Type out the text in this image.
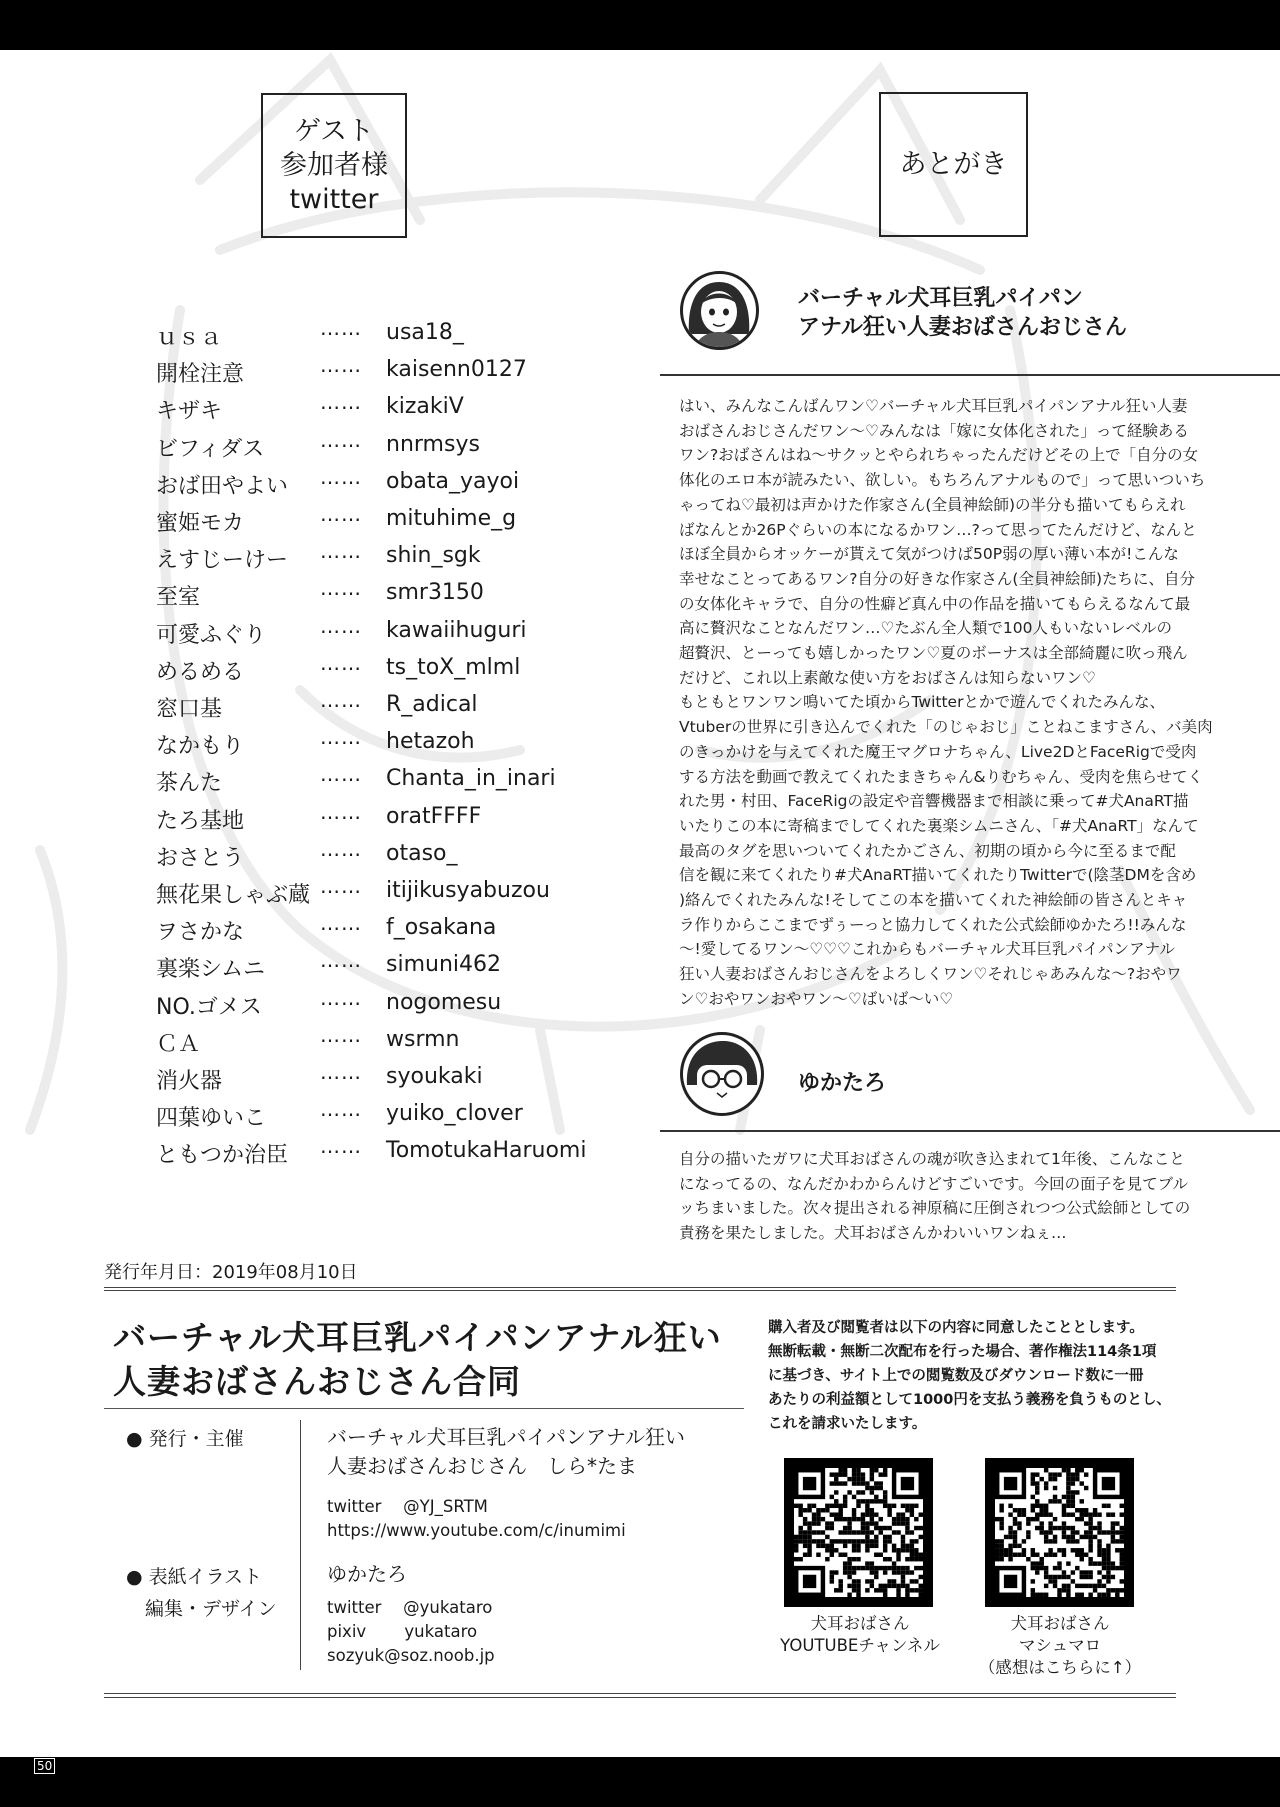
50
ゲスト
参加者様
twitter
あとがき
ｕｓａ	…… usa18_
開栓注意	…… kaisenn0127
キザキ	…… kizakiV
ビフィダス	…… nnrmsys
おば田やよい …… obata_yayoi
蜜姫モカ	…… mituhime_g
えすじーけー …… shin_sgk
至室	…… smr3150
可愛ふぐり	…… kawaiihuguri
めるめる	…… ts_toX_mlml
窓口基	…… R_adical
なかもり	…… hetazoh
茶んた	…… Chanta_in_inari
たろ基地	…… oratFFFF
おさとう	…… otaso_
無花果しゃぶ蔵 …… itijikusyabuzou
ヲさかな	…… f_osakana
裏楽シムニ	…… simuni462
NO.ゴメス	…… nogomesu
ＣＡ	…… wsrmn
消火器	…… syoukaki
四葉ゆいこ	…… yuiko_clover
ともつか治臣 …… TomotukaHaruomi
バーチャル犬耳巨乳パイパン
アナル狂い人妻おばさんおじさん
はい、みんなこんばんワン♡バーチャル犬耳巨乳パイパンアナル狂い人妻
おばさんおじさんだワン〜♡みんなは「嫁に女体化された」って経験ある
ワン?おばさんはね〜サクッとやられちゃったんだけどその上で「自分の女
体化のエロ本が読みたい、欲しい。もちろんアナルもので」って思いついち
ゃってね♡最初は声かけた作家さん(全員神絵師)の半分も描いてもらえれ
ばなんとか26Pぐらいの本になるかワン…?って思ってたんだけど、なんと
ほぼ全員からオッケーが貰えて気がつけば50P弱の厚い薄い本が!こんな
幸せなことってあるワン?自分の好きな作家さん(全員神絵師)たちに、自分
の女体化キャラで、自分の性癖ど真ん中の作品を描いてもらえるなんて最
高に贅沢なことなんだワン…♡たぶん全人類で100人もいないレベルの
超贅沢、とーっても嬉しかったワン♡夏のボーナスは全部綺麗に吹っ飛ん
だけど、これ以上素敵な使い方をおばさんは知らないワン♡
もともとワンワン鳴いてた頃からTwitterとかで遊んでくれたみんな、
Vtuberの世界に引き込んでくれた「のじゃおじ」ことねこますさん、バ美肉
のきっかけを与えてくれた魔王マグロナちゃん、Live2DとFaceRigで受肉
する方法を動画で教えてくれたまきちゃん&りむちゃん、受肉を焦らせてく
れた男・村田、FaceRigの設定や音響機器まで相談に乗って#犬AnaRT描
いたりこの本に寄稿までしてくれた裏楽シムニさん、「#犬AnaRT」なんて
最高のタグを思いついてくれたかごさん、初期の頃から今に至るまで配
信を観に来てくれたり#犬AnaRT描いてくれたりTwitterで(陰茎DMを含め
)絡んでくれたみんな!そしてこの本を描いてくれた神絵師の皆さんとキャ
ラ作りからここまでずぅーっと協力してくれた公式絵師ゆかたろ!!みんな
〜!愛してるワン〜♡♡♡これからもバーチャル犬耳巨乳パイパンアナル
狂い人妻おばさんおじさんをよろしくワン♡それじゃあみんな〜?おやワ
ン♡おやワンおやワン〜♡ばいば〜い♡
ゆかたろ
自分の描いたガワに犬耳おばさんの魂が吹き込まれて1年後、こんなこと
になってるの、なんだかわからんけどすごいです。今回の面子を見てブル
ッちまいました。次々提出される神原稿に圧倒されつつ公式絵師としての
責務を果たしました。犬耳おばさんかわいいワンねぇ…
発行年月日：2019年08月10日
バーチャル犬耳巨乳パイパンアナル狂い
人妻おばさんおじさん合同
● 発行・主催	バーチャル犬耳巨乳パイパンアナル狂い
人妻おばさんおじさん　しら*たま
twitter　 @YJ_SRTM
https://www.youtube.com/c/inumimi
● 表紙イラスト
　編集・デザイン
ゆかたろ
twitter　 @yukataro
pixiv　　 yukataro
sozyuk@soz.noob.jp
購入者及び閲覧者は以下の内容に同意したこととします。
無断転載・無断二次配布を行った場合、著作権法114条1項
に基づき、サイト上での閲覧数及びダウンロード数に一冊
あたりの利益額として1000円を支払う義務を負うものとし、
これを請求いたします。
犬耳おばさん
YOUTUBEチャンネル
犬耳おばさん
マシュマロ
（感想はこちらに↑）
